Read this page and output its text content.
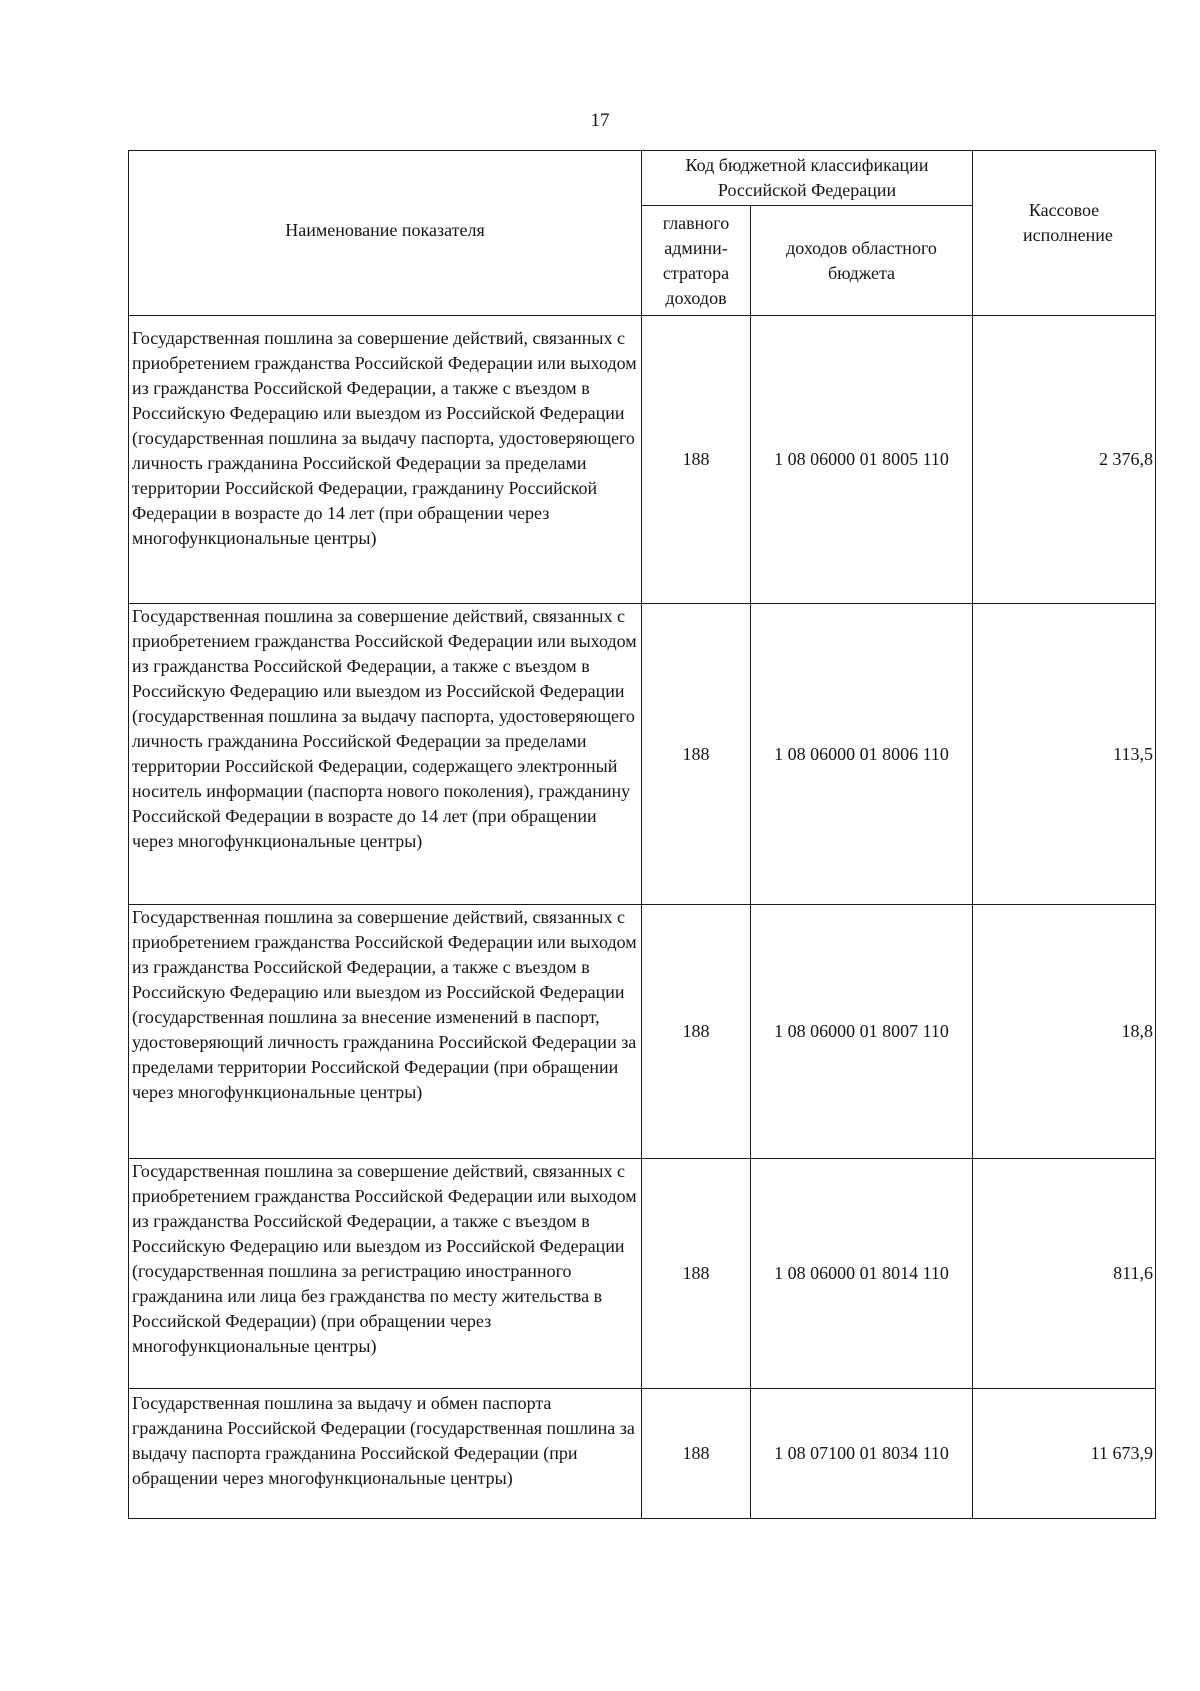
17
Наименование показателя	Код бюджетной классификации Российской Федерации		Кассовое исполнение

	главного админи-стратора доходов	доходов областного бюджета	

Государственная пошлина за совершение действий, связанных с приобретением гражданства Российской Федерации или выходом из гражданства Российской Федерации, а также с въездом в Российскую Федерацию или выездом из Российской Федерации (государственная пошлина за выдачу паспорта, удостоверяющего личность гражданина Российской Федерации за пределами территории Российской Федерации, гражданину Российской Федерации в возрасте до 14 лет (при обращении через многофункциональные центры)	188	1 08 06000 01 8005 110	2 376,8
Государственная пошлина за совершение действий, связанных с приобретением гражданства Российской Федерации или выходом из гражданства Российской Федерации, а также с въездом в Российскую Федерацию или выездом из Российской Федерации (государственная пошлина за выдачу паспорта, удостоверяющего личность гражданина Российской Федерации за пределами территории Российской Федерации, содержащего электронный носитель информации (паспорта нового поколения), гражданину Российской Федерации в возрасте до 14 лет (при обращении через многофункциональные центры)	188	1 08 06000 01 8006 110	113,5
Государственная пошлина за совершение действий, связанных с приобретением гражданства Российской Федерации или выходом из гражданства Российской Федерации, а также с въездом в Российскую Федерацию или выездом из Российской Федерации (государственная пошлина за внесение изменений в паспорт, удостоверяющий личность гражданина Российской Федерации за пределами территории Российской Федерации (при обращении через многофункциональные центры)	188	1 08 06000 01 8007 110	18,8
Государственная пошлина за совершение действий, связанных с приобретением гражданства Российской Федерации или выходом из гражданства Российской Федерации, а также с въездом в Российскую Федерацию или выездом из Российской Федерации (государственная пошлина за регистрацию иностранного гражданина или лица без гражданства по месту жительства в Российской Федерации) (при обращении через многофункциональные центры)	188	1 08 06000 01 8014 110	811,6
Государственная пошлина за выдачу и обмен паспорта гражданина Российской Федерации (государственная пошлина за выдачу паспорта гражданина Российской Федерации (при обращении через многофункциональные центры)	188	1 08 07100 01 8034 110	11 673,9
